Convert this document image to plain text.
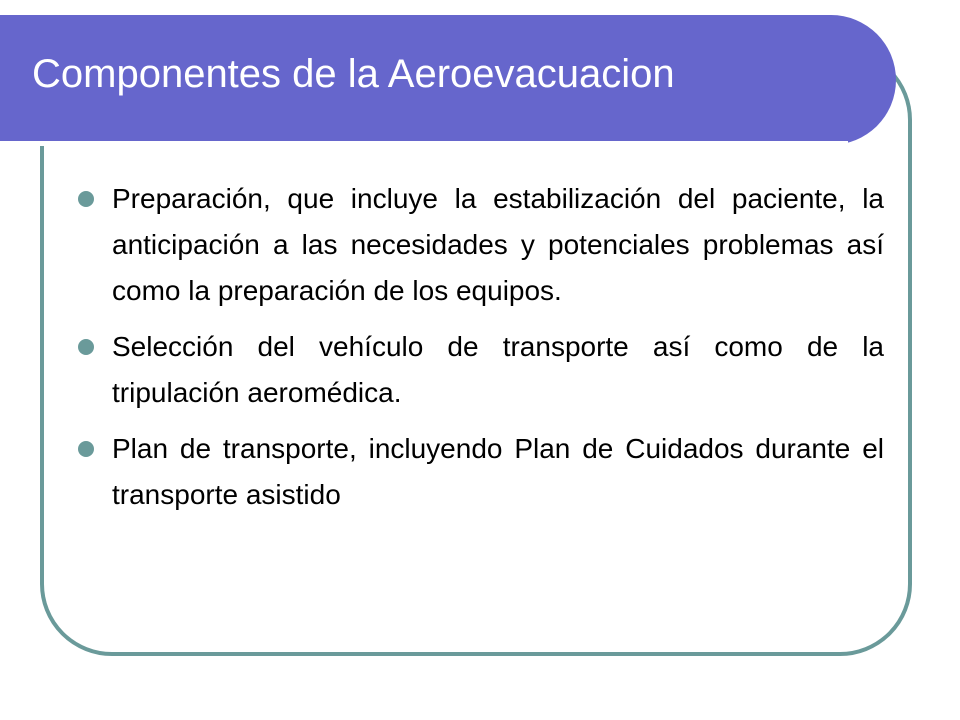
Componentes de la Aeroevacuacion
Preparación, que incluye la estabilización del paciente, la anticipación a las necesidades y potenciales problemas así como la preparación de los equipos.
Selección del vehículo de transporte así como de la tripulación aeromédica.
Plan de transporte, incluyendo Plan de Cuidados durante el transporte asistido
